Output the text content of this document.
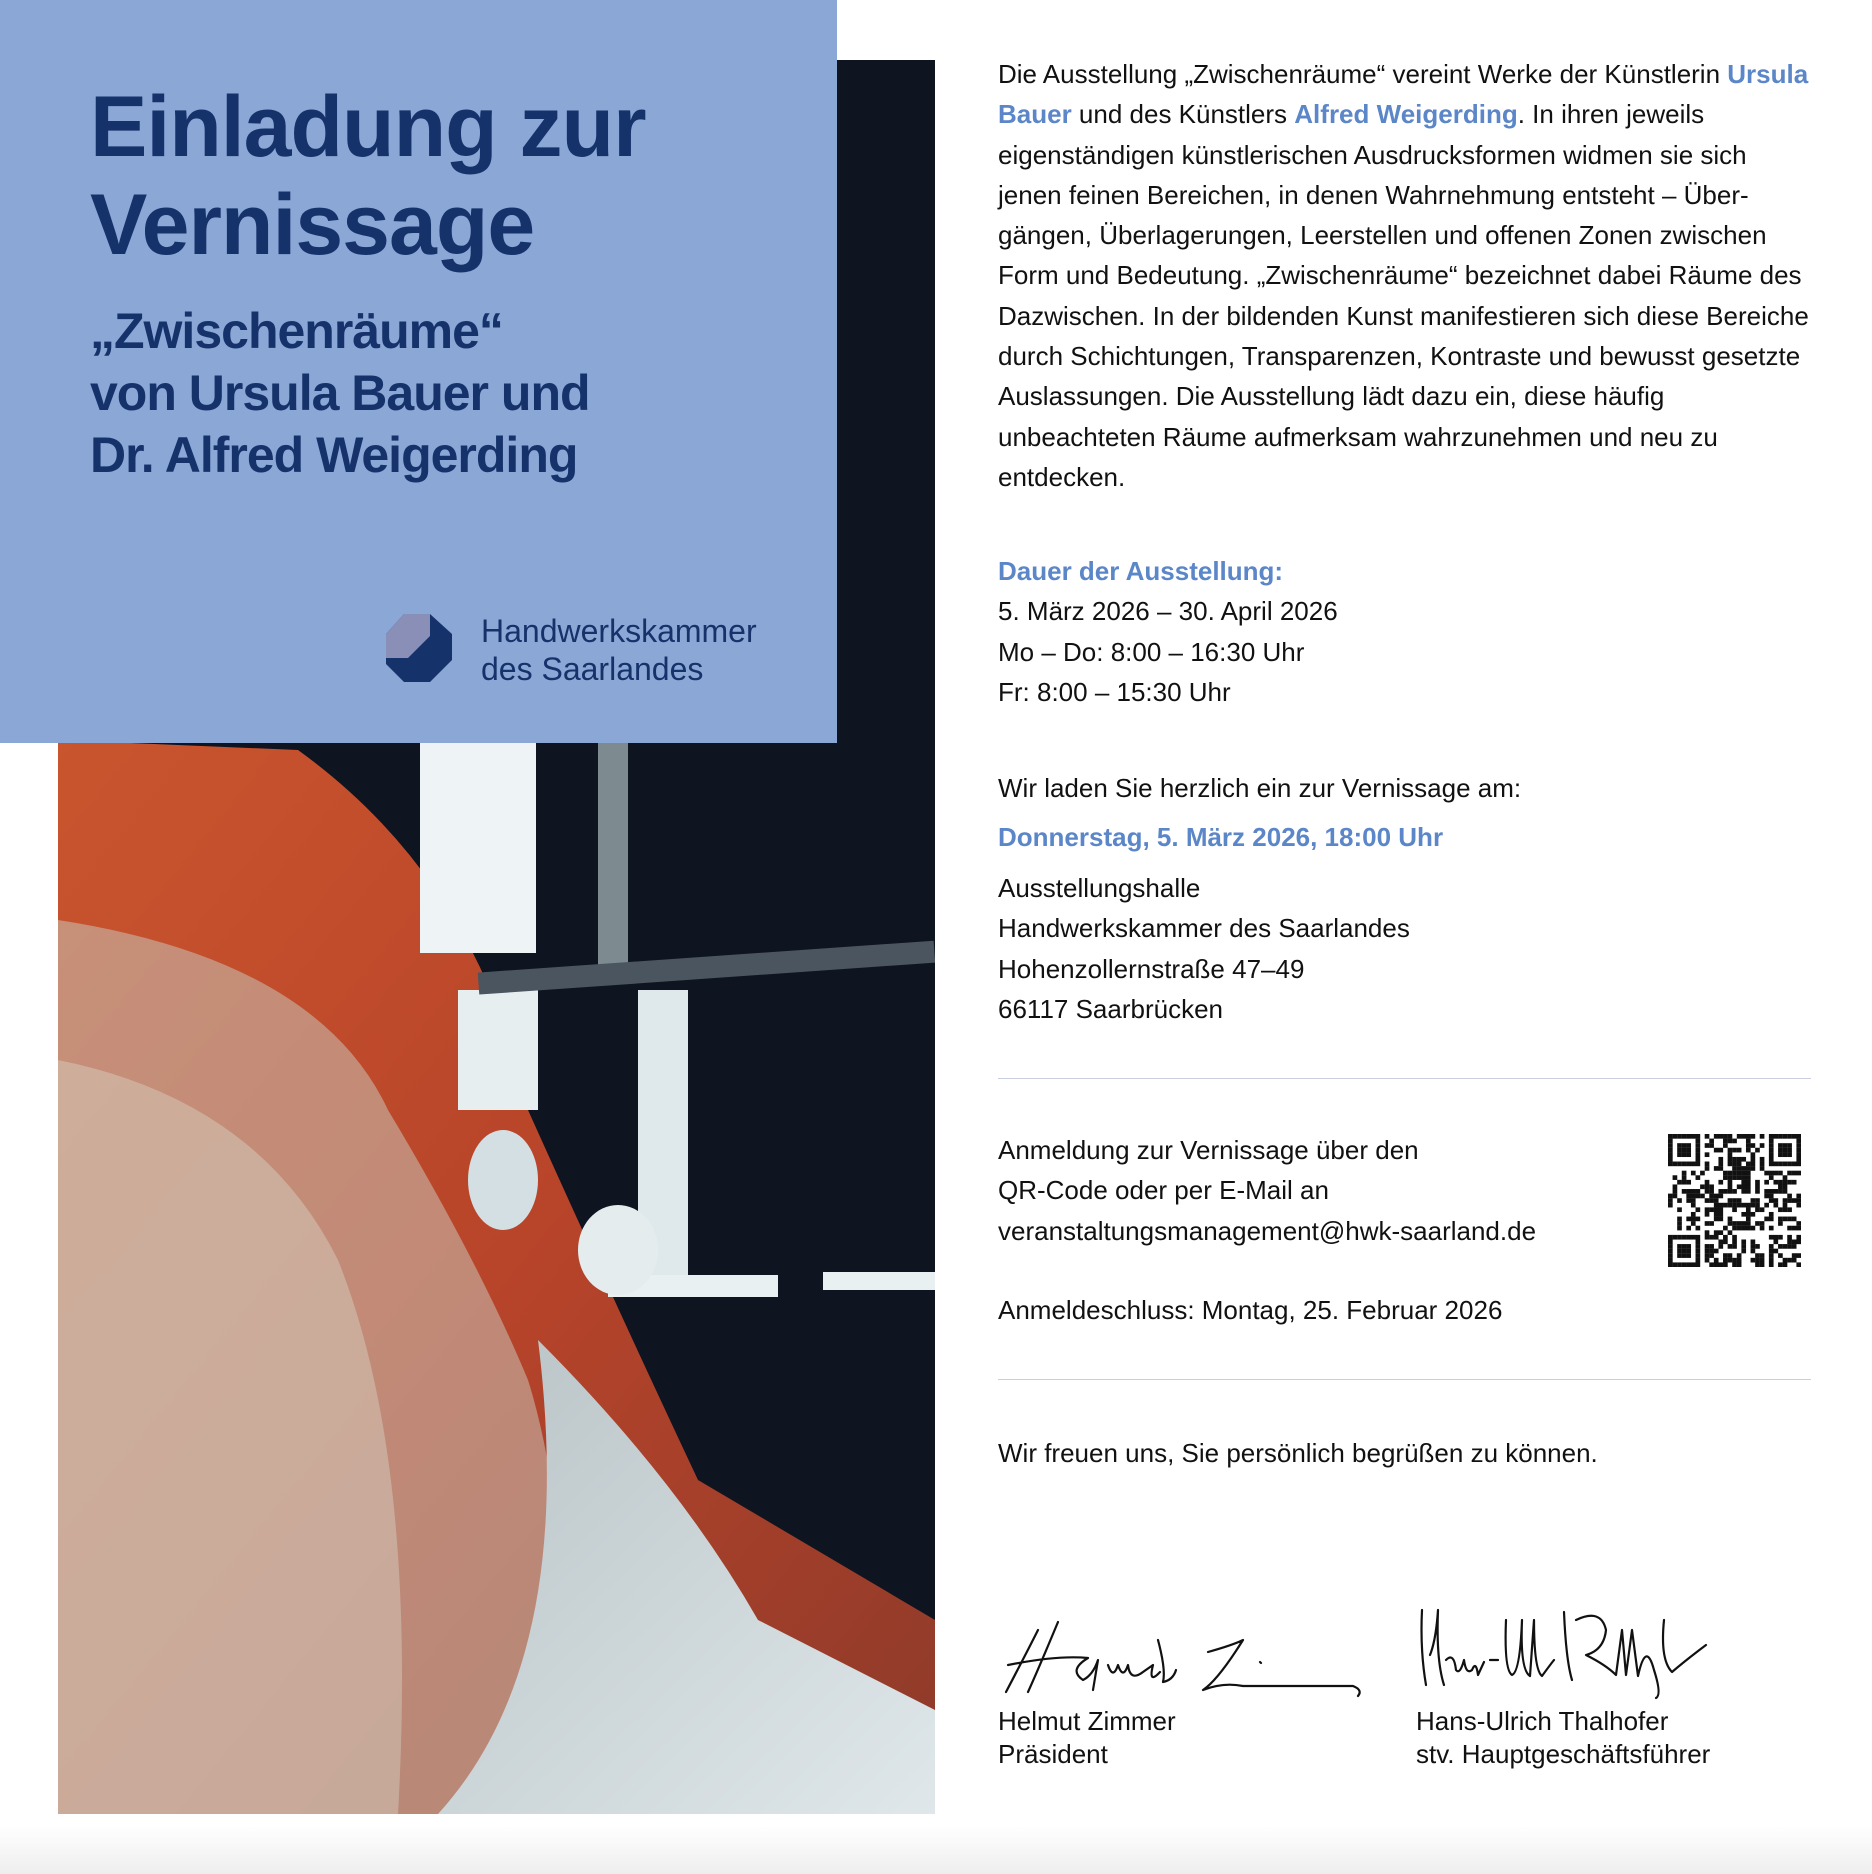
Einladung zur
Vernissage
„Zwischenräume“
von Ursula Bauer und
Dr. Alfred Weigerding
Handwerkskammer
des Saarlandes
Die Ausstellung „Zwischenräume“ vereint Werke der Künstlerin Ursula Bauer und des Künstlers Alfred Weigerding. In ihren jeweils eigenständigen künstlerischen Ausdrucksformen widmen sie sich jenen feinen Bereichen, in denen Wahrnehmung entsteht – Übergängen, Überlagerungen, Leerstellen und offenen Zonen zwischen Form und Bedeutung. „Zwischenräume“ bezeichnet dabei Räume des Dazwischen. In der bildenden Kunst manifestieren sich diese Bereiche durch Schichtungen, Transparenzen, Kontraste und bewusst gesetzte Auslassungen. Die Ausstellung lädt dazu ein, diese häufig unbeachteten Räume aufmerksam wahrzunehmen und neu zu entdecken.
Dauer der Ausstellung:
5. März 2026 – 30. April 2026
Mo – Do: 8:00 – 16:30 Uhr
Fr: 8:00 – 15:30 Uhr
Wir laden Sie herzlich ein zur Vernissage am:
Donnerstag, 5. März 2026, 18:00 Uhr
Ausstellungshalle
Handwerkskammer des Saarlandes
Hohenzollernstraße 47–49
66117 Saarbrücken
Anmeldung zur Vernissage über den
QR-Code oder per E-Mail an
veranstaltungsmanagement@hwk-saarland.de
Anmeldeschluss: Montag, 25. Februar 2026
Wir freuen uns, Sie persönlich begrüßen zu können.
Helmut Zimmer
Präsident
Hans-Ulrich Thalhofer
stv. Hauptgeschäftsführer
